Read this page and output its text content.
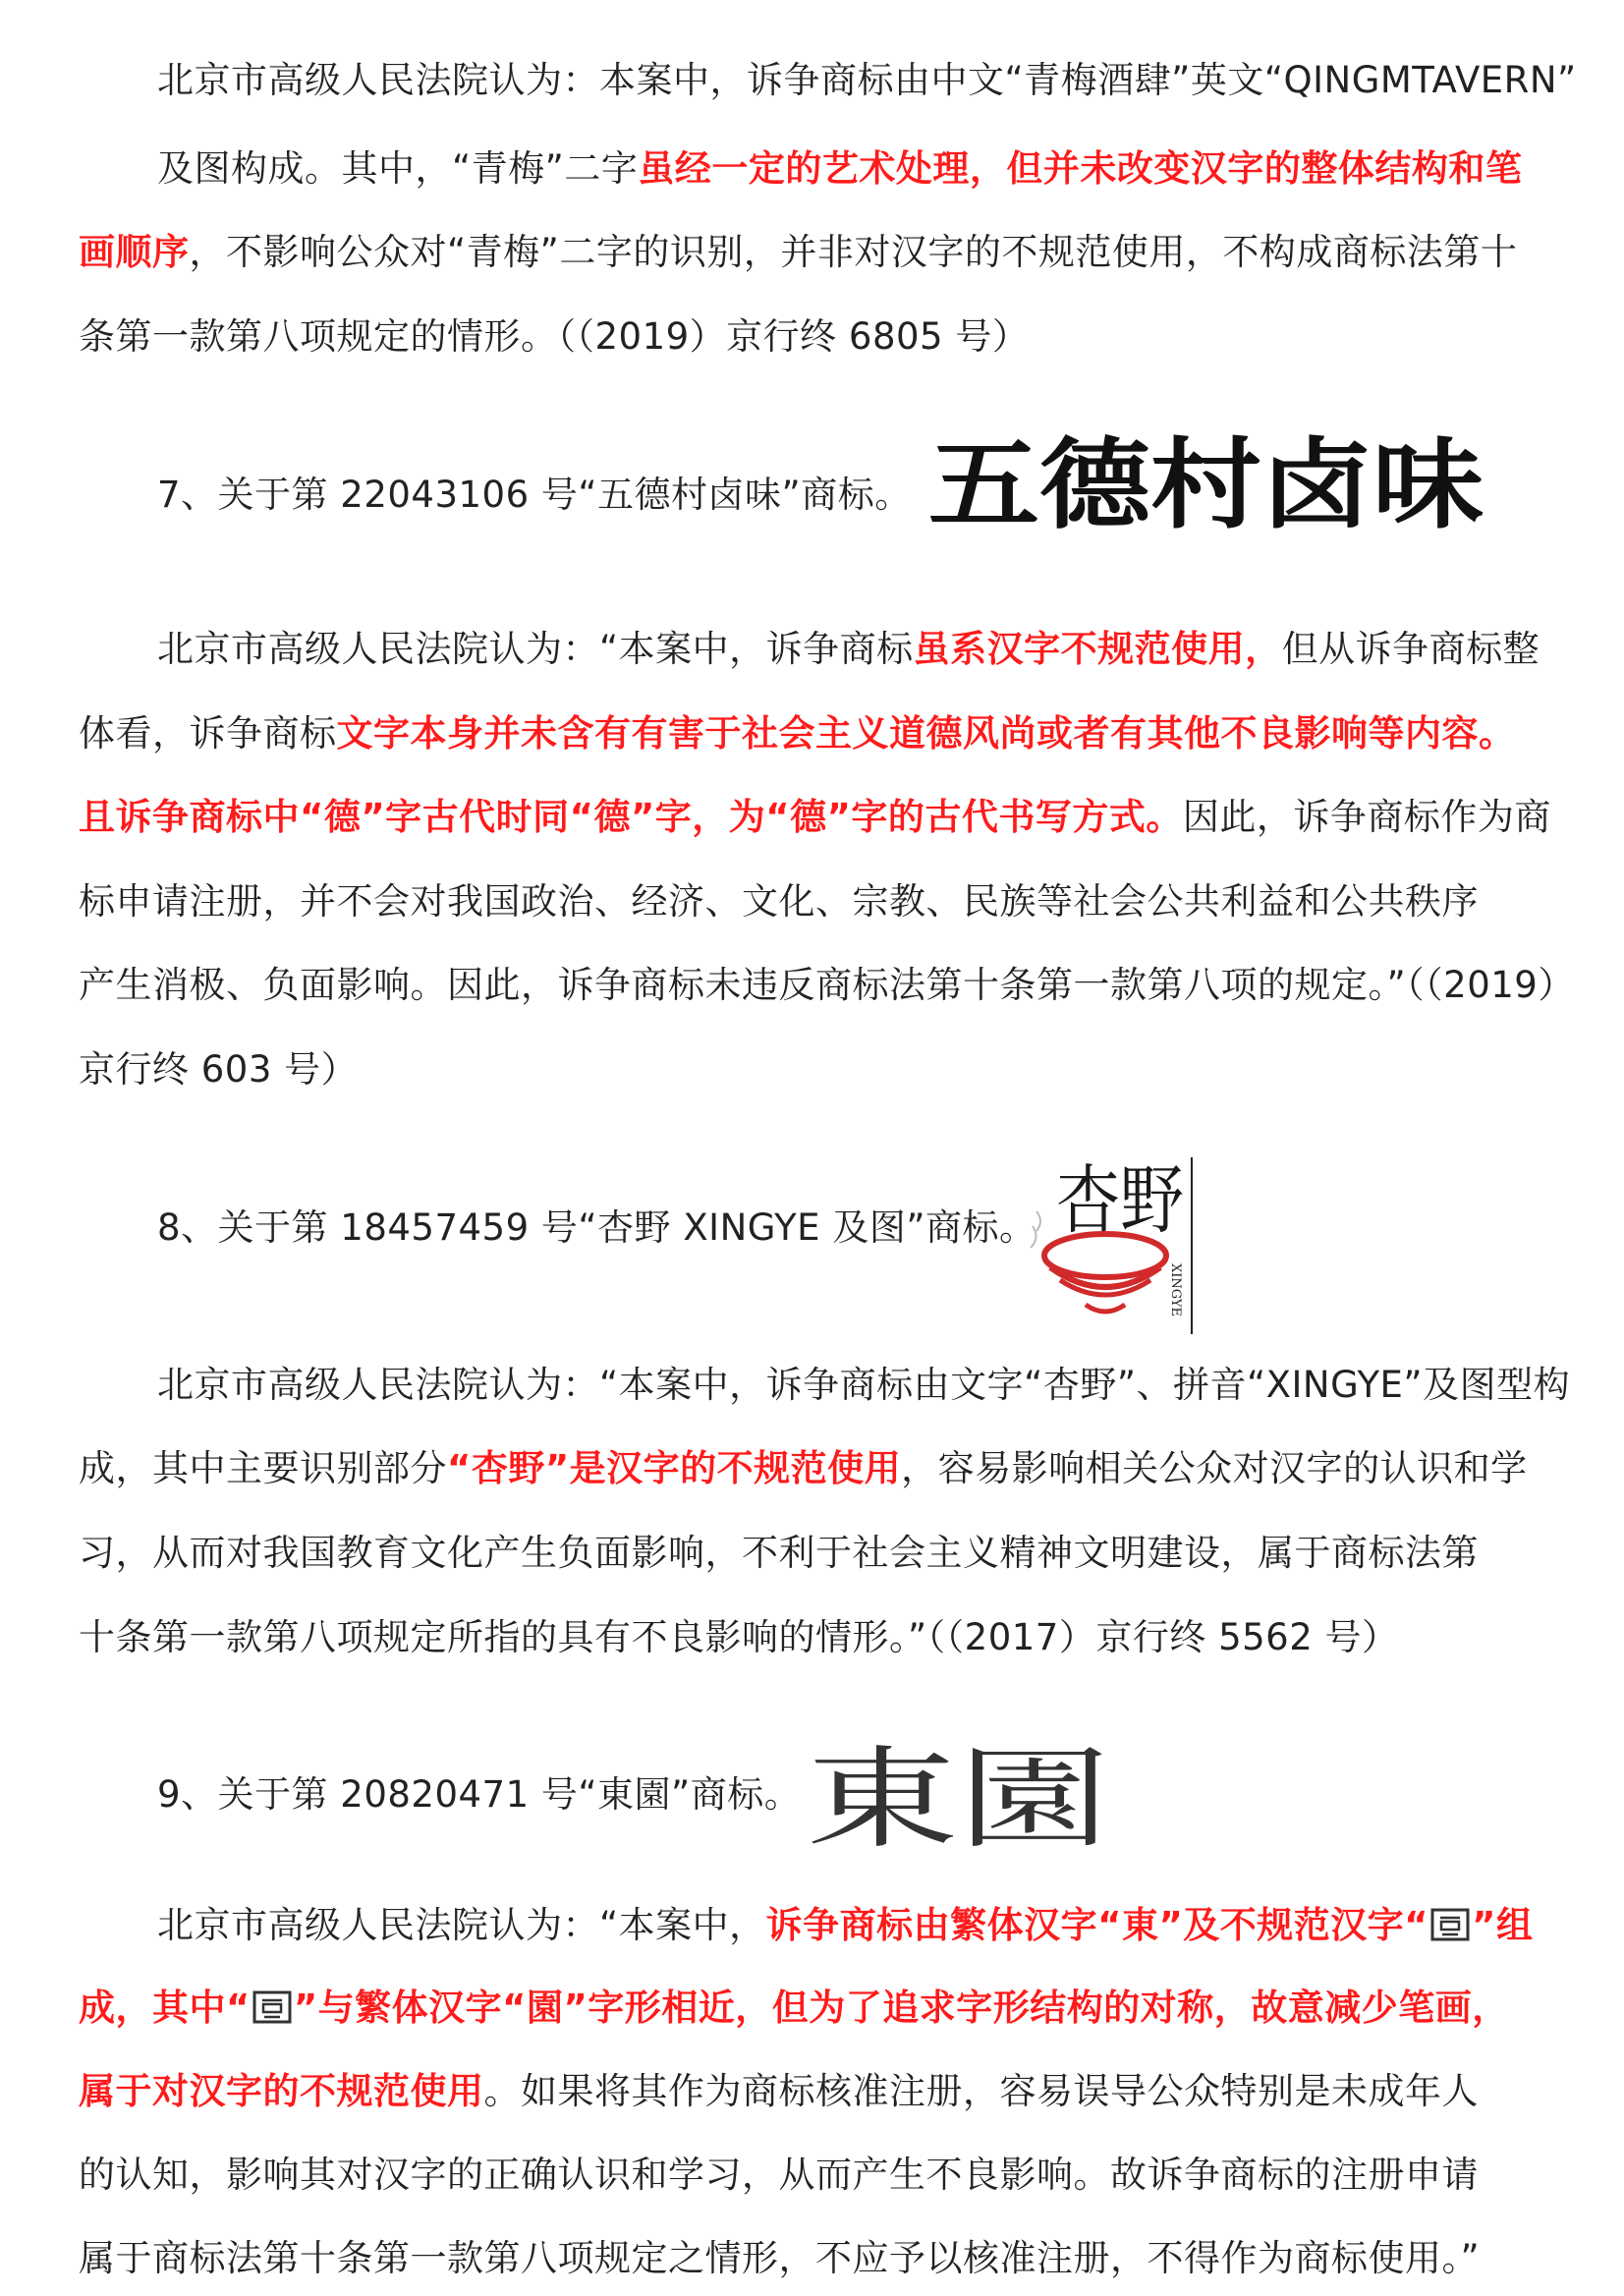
北京市高级人民法院认为：本案中，诉争商标由中文“青梅酒肆”英文“QINGMTAVERN”
及图构成。其中，“青梅”二字虽经一定的艺术处理，但并未改变汉字的整体结构和笔
画顺序，不影响公众对“青梅”二字的识别，并非对汉字的不规范使用，不构成商标法第十
条第一款第八项规定的情形。（（2019）京行终 6805 号）
7、关于第 22043106 号“五德村卤味”商标。 五德村卤味
北京市高级人民法院认为：“本案中，诉争商标虽系汉字不规范使用，但从诉争商标整
体看，诉争商标文字本身并未含有有害于社会主义道德风尚或者有其他不良影响等内容。
且诉争商标中“德”字古代时同“德”字，为“德”字的古代书写方式。因此，诉争商标作为商
标申请注册，并不会对我国政治、经济、文化、宗教、民族等社会公共利益和公共秩序
产生消极、负面影响。因此，诉争商标未违反商标法第十条第一款第八项的规定。”（（2019）
京行终 603 号）
8、关于第 18457459 号“杏野 XINGYE 及图”商标。 杏野
XINGYE
北京市高级人民法院认为：“本案中，诉争商标由文字“杏野”、拼音“XINGYE”及图型构
成，其中主要识别部分“杏野”是汉字的不规范使用，容易影响相关公众对汉字的认识和学
习，从而对我国教育文化产生负面影响，不利于社会主义精神文明建设，属于商标法第
十条第一款第八项规定所指的具有不良影响的情形。”（（2017）京行终 5562 号）
9、关于第 20820471 号“東園”商标。 東園
北京市高级人民法院认为：“本案中，诉争商标由繁体汉字“東”及不规范汉字“ ”组
成，其中“ ”与繁体汉字“園”字形相近，但为了追求字形结构的对称，故意减少笔画，
属于对汉字的不规范使用。如果将其作为商标核准注册，容易误导公众特别是未成年人
的认知，影响其对汉字的正确认识和学习，从而产生不良影响。故诉争商标的注册申请
属于商标法第十条第一款第八项规定之情形，不应予以核准注册，不得作为商标使用。”
